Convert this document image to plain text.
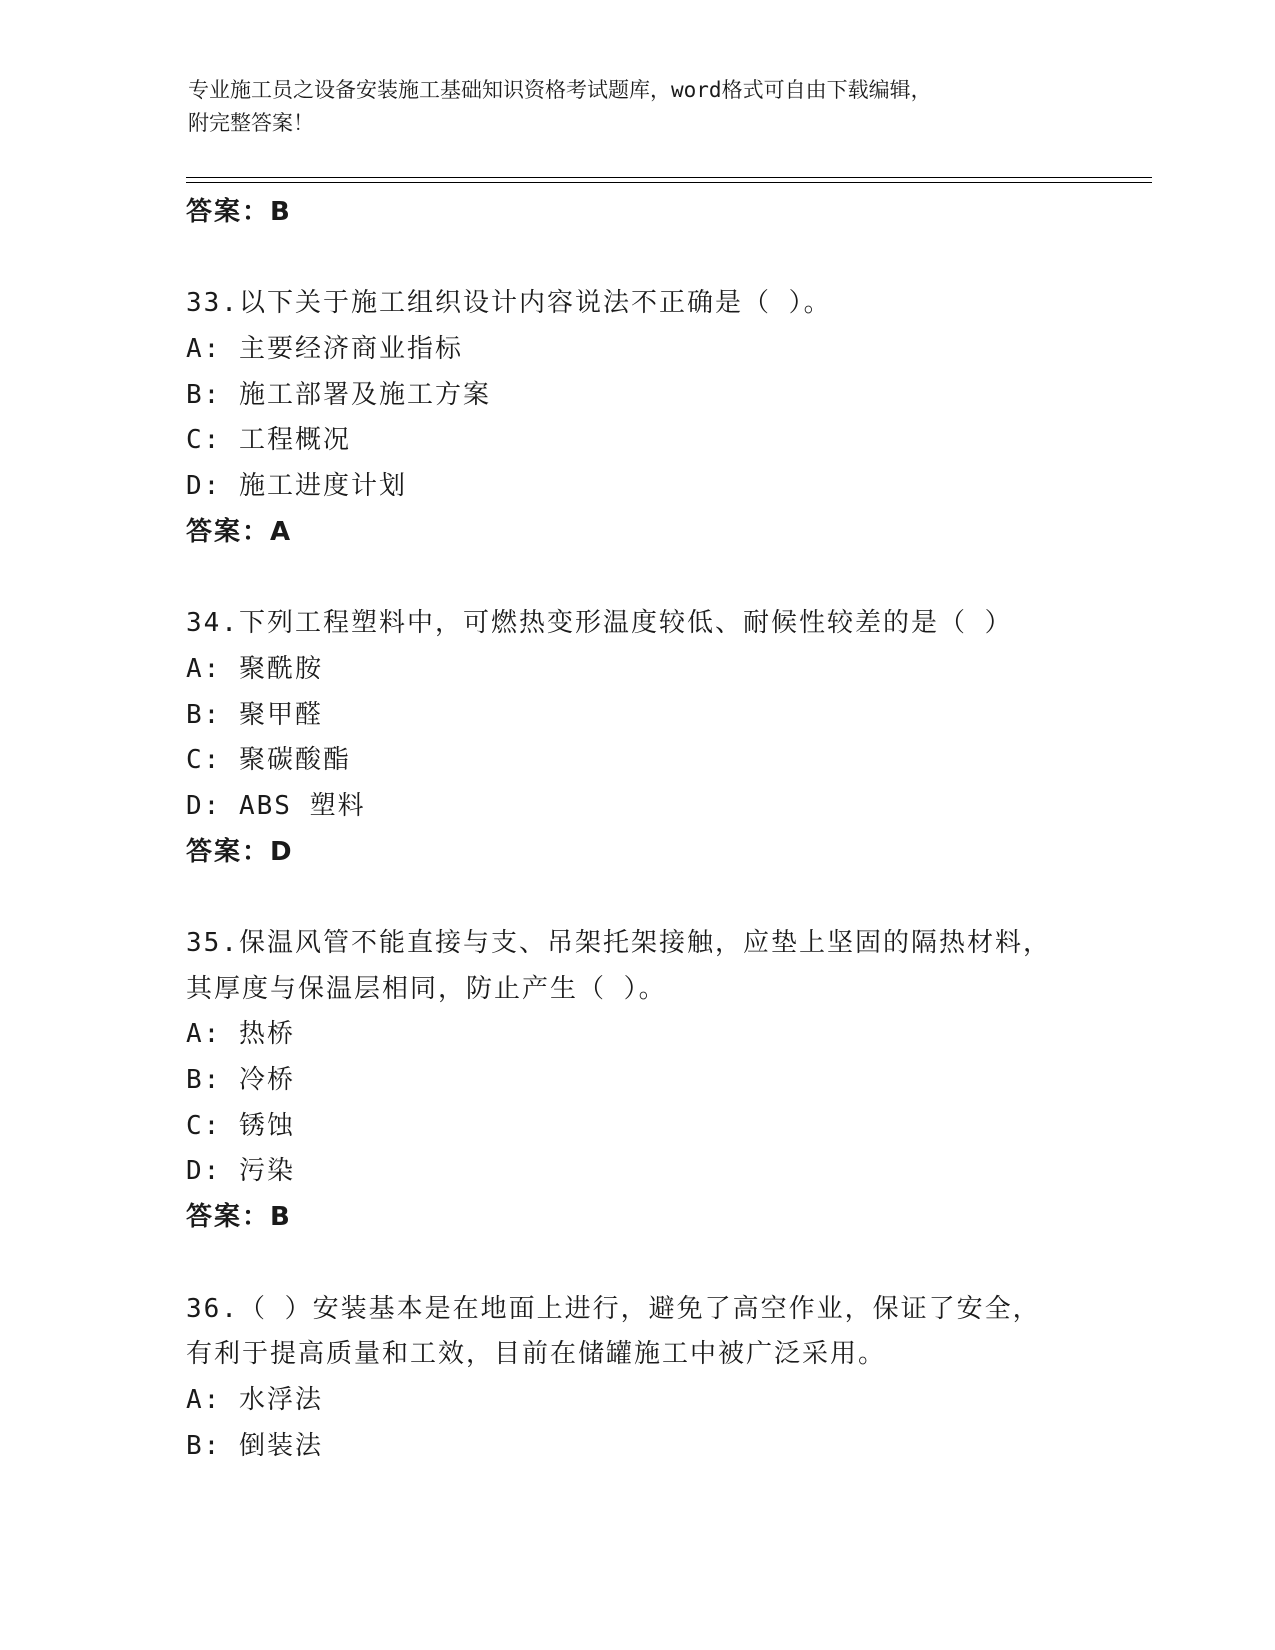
专业施工员之设备安装施工基础知识资格考试题库，word格式可自由下载编辑，
附完整答案！
答案：B
33.以下关于施工组织设计内容说法不正确是（ ）。
A: 主要经济商业指标
B: 施工部署及施工方案
C: 工程概况
D: 施工进度计划
答案：A
34.下列工程塑料中，可燃热变形温度较低、耐候性较差的是（ ）
A: 聚酰胺
B: 聚甲醛
C: 聚碳酸酯
D: ABS 塑料
答案：D
35.保温风管不能直接与支、吊架托架接触，应垫上坚固的隔热材料，
其厚度与保温层相同，防止产生（ ）。
A: 热桥
B: 冷桥
C: 锈蚀
D: 污染
答案：B
36.（ ）安装基本是在地面上进行，避免了高空作业，保证了安全，
有利于提高质量和工效，目前在储罐施工中被广泛采用。
A: 水浮法
B: 倒装法
